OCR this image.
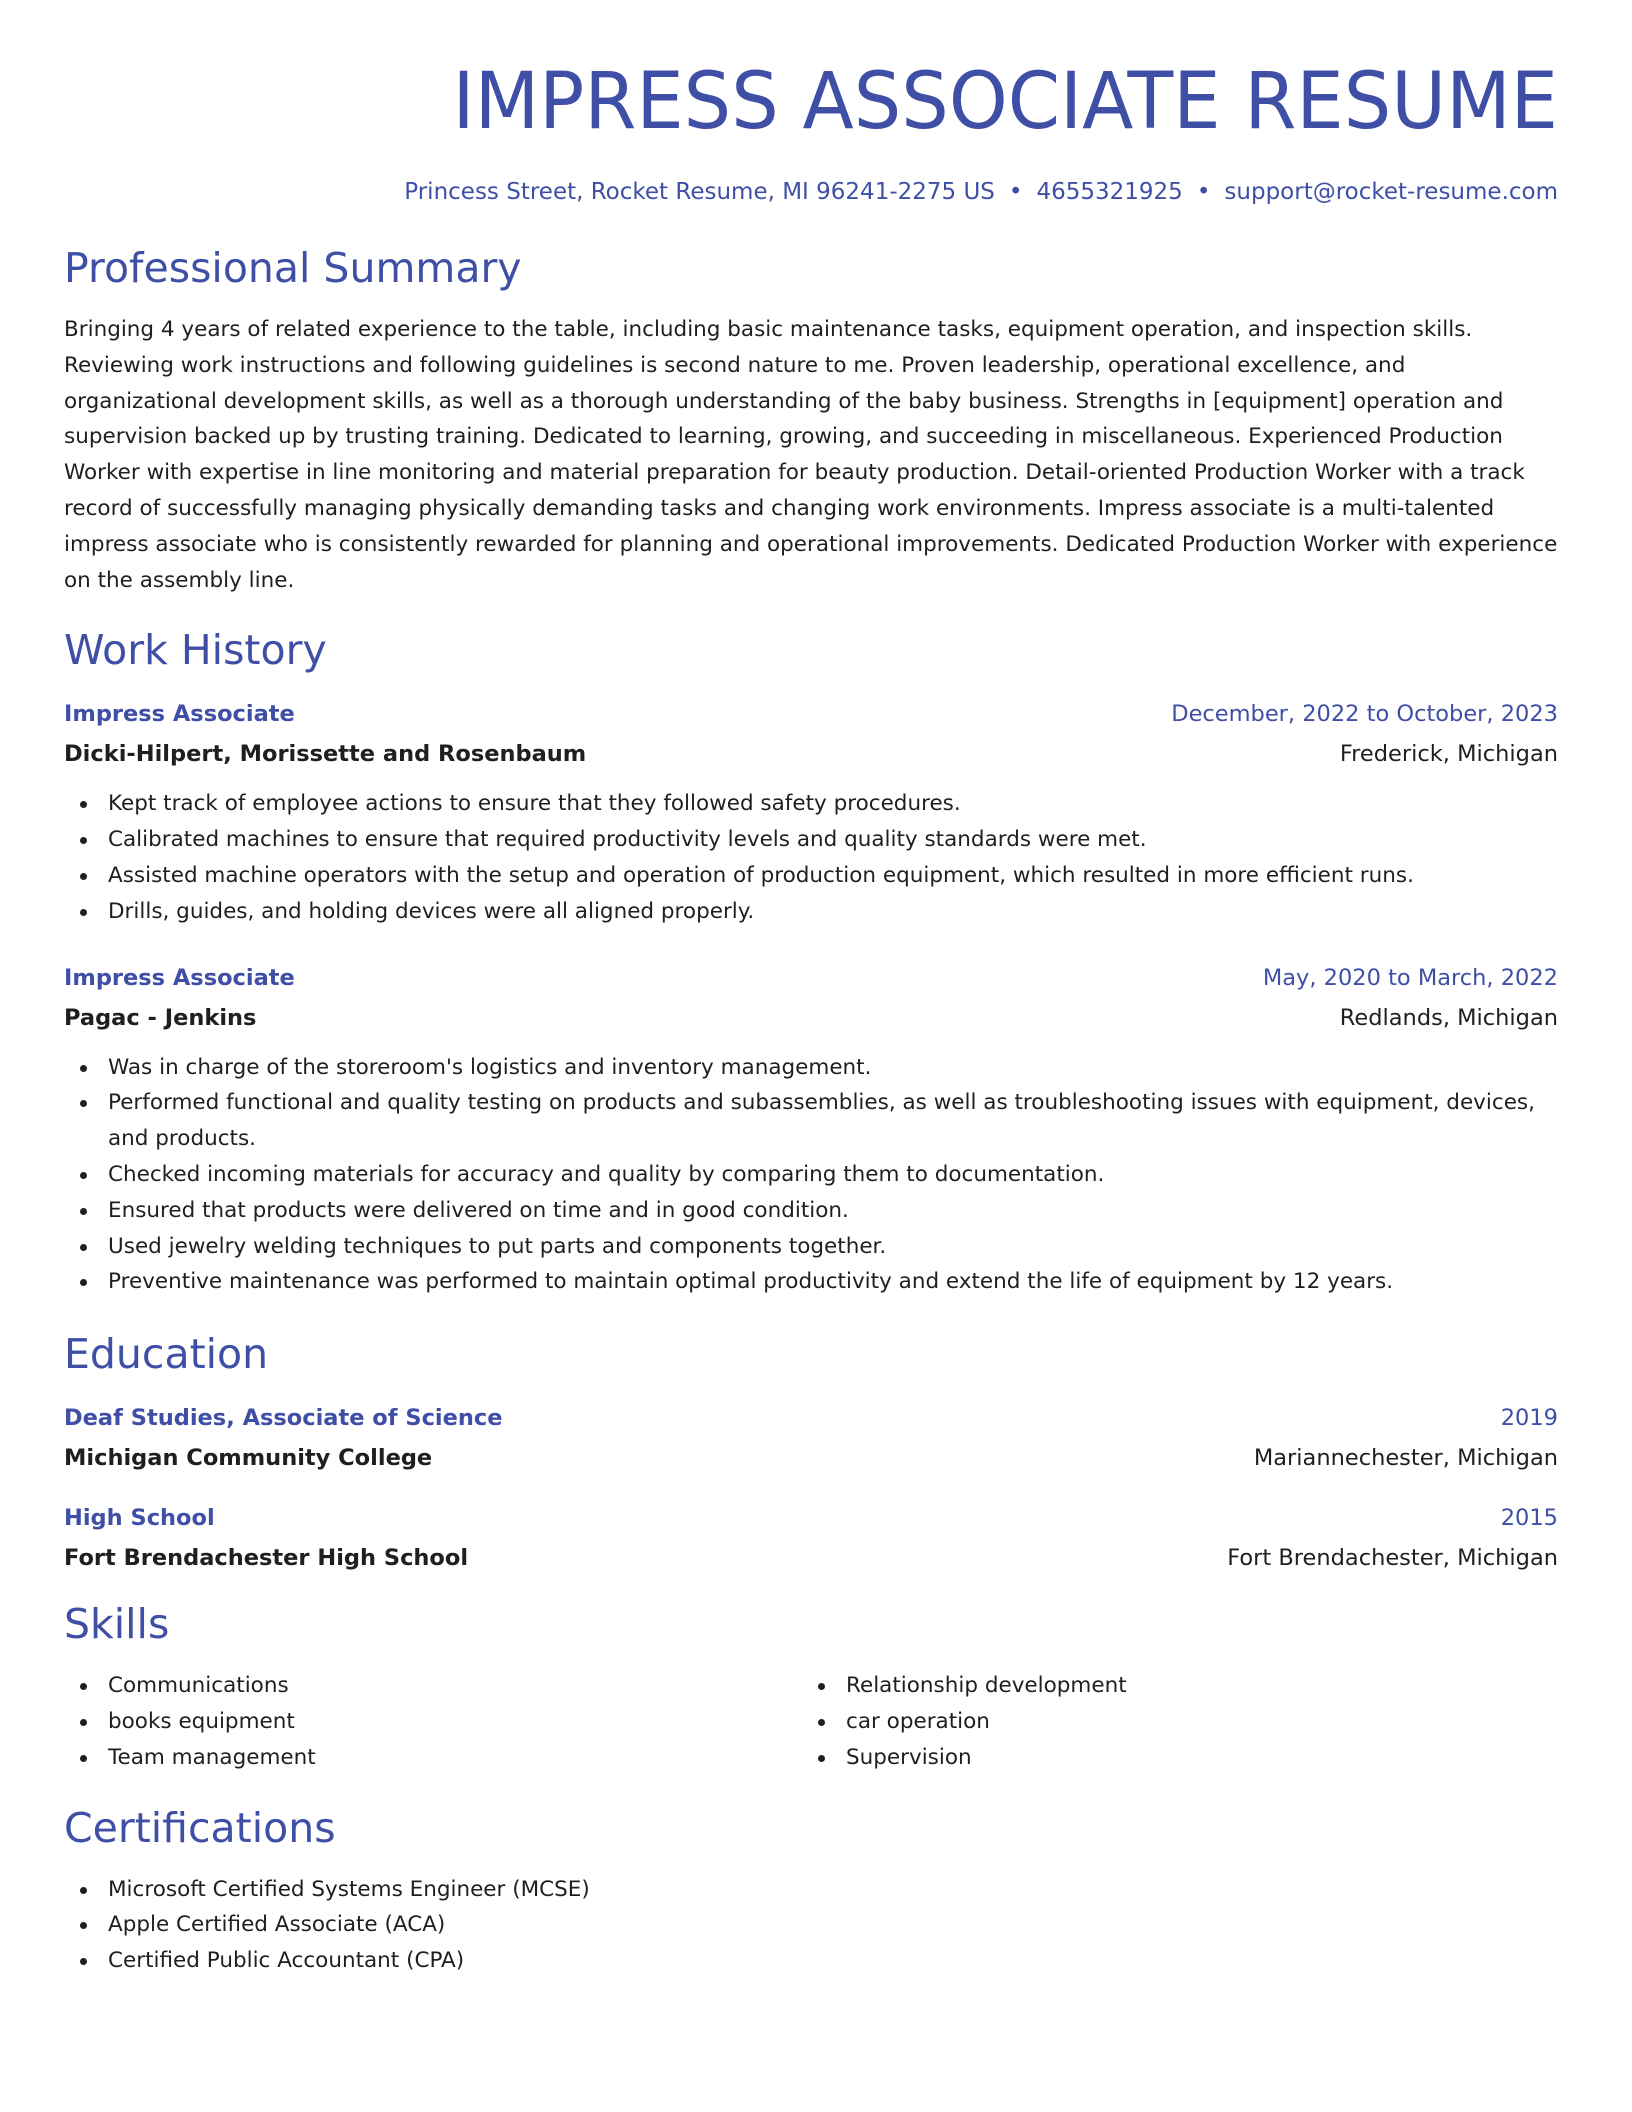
IMPRESS ASSOCIATE RESUME
Princess Street, Rocket Resume, MI 96241-2275 US • 4655321925 • support@rocket-resume.com
Professional Summary

Bringing 4 years of related experience to the table, including basic maintenance tasks, equipment operation, and inspection skills. Reviewing work instructions and following guidelines is second nature to me. Proven leadership, operational excellence, and organizational development skills, as well as a thorough understanding of the baby business. Strengths in [equipment] operation and supervision backed up by trusting training. Dedicated to learning, growing, and succeeding in miscellaneous. Experienced Production Worker with expertise in line monitoring and material preparation for beauty production. Detail-oriented Production Worker with a track record of successfully managing physically demanding tasks and changing work environments. Impress associate is a multi-talented impress associate who is consistently rewarded for planning and operational improvements. Dedicated Production Worker with experience on the assembly line.

Work History
Impress Associate	December, 2022 to October, 2023
Dicki-Hilpert, Morissette and Rosenbaum	Frederick, Michigan
Kept track of employee actions to ensure that they followed safety procedures.
Calibrated machines to ensure that required productivity levels and quality standards were met.
Assisted machine operators with the setup and operation of production equipment, which resulted in more efficient runs.
Drills, guides, and holding devices were all aligned properly.
Impress Associate	May, 2020 to March, 2022
Pagac - Jenkins	Redlands, Michigan
Was in charge of the storeroom's logistics and inventory management.
Performed functional and quality testing on products and subassemblies, as well as troubleshooting issues with equipment, devices, and products.
Checked incoming materials for accuracy and quality by comparing them to documentation.
Ensured that products were delivered on time and in good condition.
Used jewelry welding techniques to put parts and components together.
Preventive maintenance was performed to maintain optimal productivity and extend the life of equipment by 12 years.
Education
Deaf Studies, Associate of Science	2019
Michigan Community College	Mariannechester, Michigan
High School	2015
Fort Brendachester High School	Fort Brendachester, Michigan
Skills
Communications
books equipment
Team management
Relationship development
car operation
Supervision
Certifications
Microsoft Certified Systems Engineer (MCSE)
Apple Certified Associate (ACA)
Certified Public Accountant (CPA)
